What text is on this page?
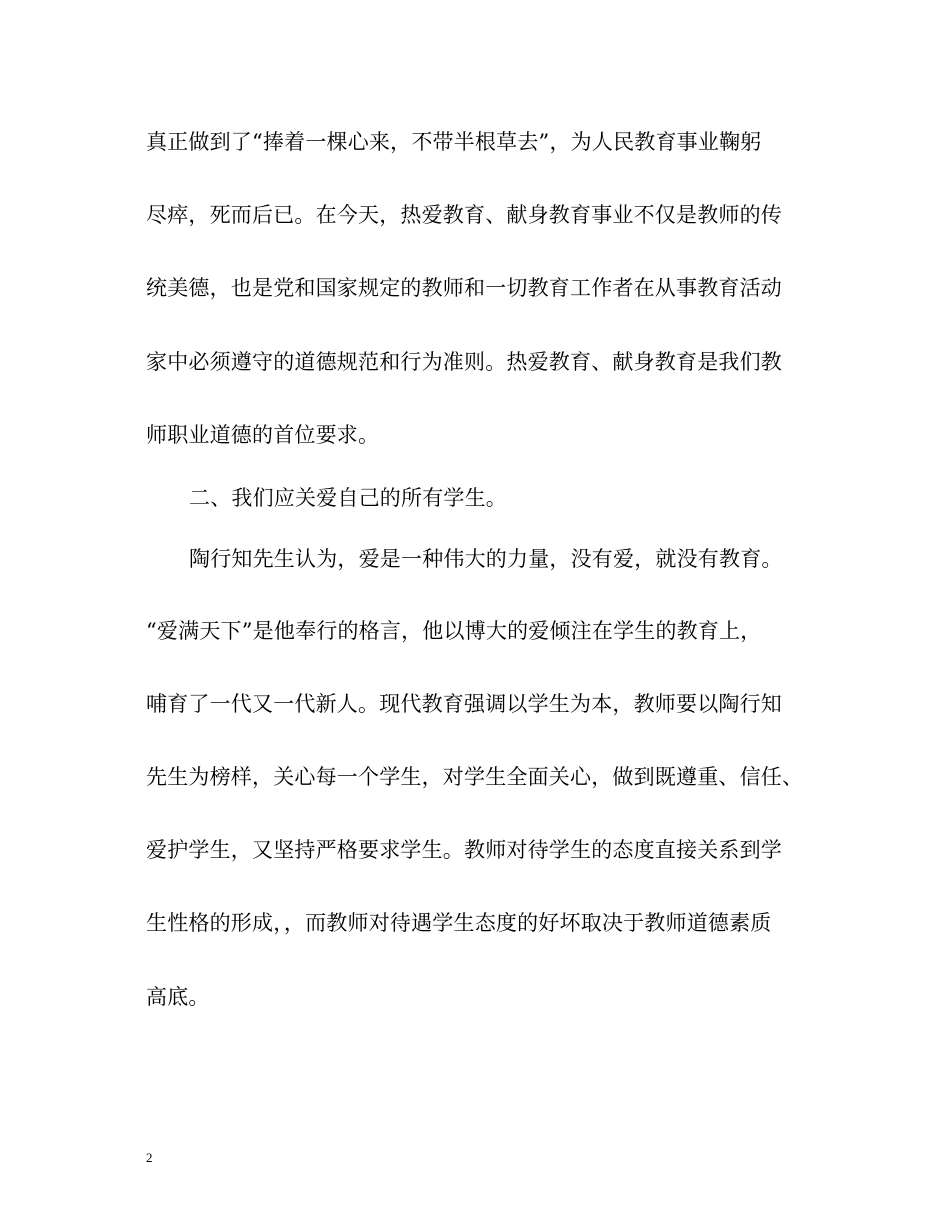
真正做到了“捧着一棵心来，不带半根草去”，为人民教育事业鞠躬
尽瘁，死而后已。在今天，热爱教育、献身教育事业不仅是教师的传
统美德，也是党和国家规定的教师和一切教育工作者在从事教育活动
家中必须遵守的道德规范和行为准则。热爱教育、献身教育是我们教
师职业道德的首位要求。
二、我们应关爱自己的所有学生。
陶行知先生认为，爱是一种伟大的力量，没有爱，就没有教育。
“爱满天下”是他奉行的格言，他以博大的爱倾注在学生的教育上，
哺育了一代又一代新人。现代教育强调以学生为本，教师要以陶行知
先生为榜样，关心每一个学生，对学生全面关心，做到既遵重、信任、
爱护学生，又坚持严格要求学生。教师对待学生的态度直接关系到学
生性格的形成，，而教师对待遇学生态度的好坏取决于教师道德素质
高底。
2
